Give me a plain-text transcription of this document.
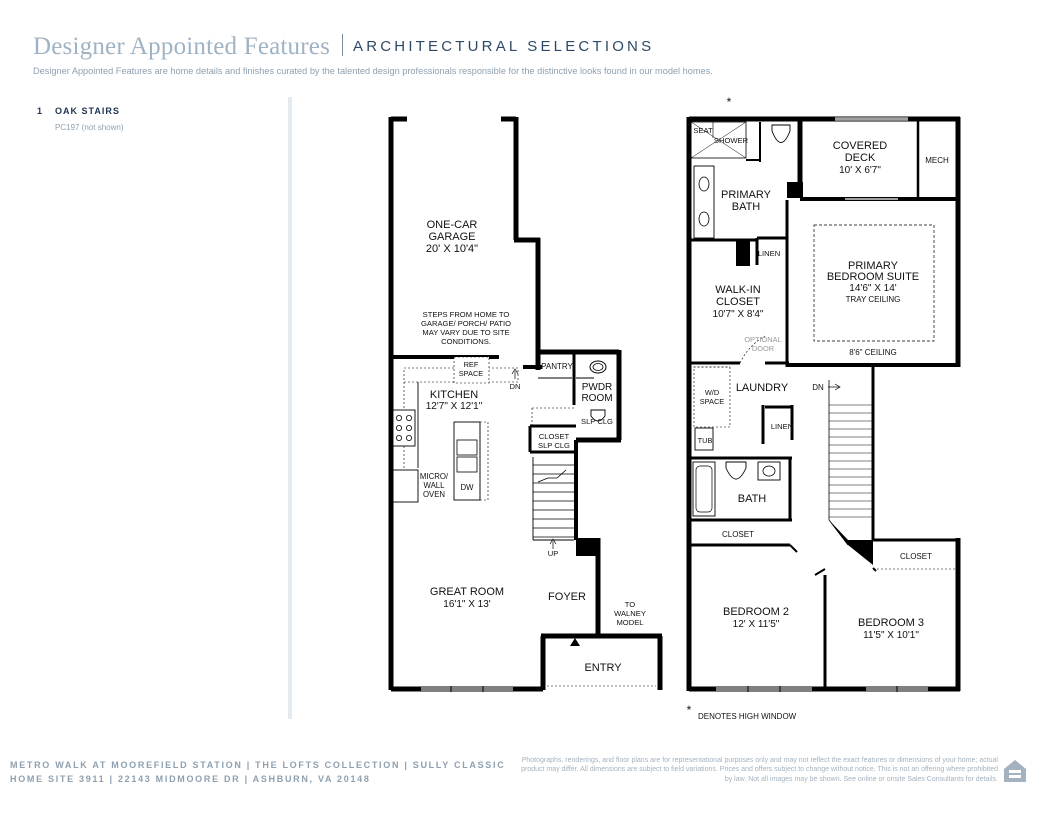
Designer Appointed Features ARCHITECTURAL SELECTIONS
Designer Appointed Features are home details and finishes curated by the talented design professionals responsible for the distinctive looks found in our model homes.
1 OAK STAIRS
PC197 (not shown)
ONE-CAR
GARAGE
20' X 10'4"
STEPS FROM HOME TO
GARAGE/ PORCH/ PATIO
MAY VARY DUE TO SITE
CONDITIONS.
REF
SPACE
DN
PANTRY
PWDR
ROOM
SLP CLG
KITCHEN
12'7" X 12'1"
CLOSET
SLP CLG
MICRO/
WALL
OVEN
DW
UP
GREAT ROOM
16'1" X 13'
FOYER
TO
WALNEY
MODEL
ENTRY
*
SEAT
SHOWER
PRIMARY
BATH
COVERED
DECK
10' X 6'7"
MECH
LINEN
PRIMARY
BEDROOM SUITE
14'6" X 14'
TRAY CEILING
WALK-IN
CLOSET
10'7" X 8'4"
OPTIONAL
DOOR	8'6" CEILING
LAUNDRY	DN
W/D
SPACE
LINEN
TUB
BATH
CLOSET
CLOSET
BEDROOM 2
12' X 11'5"	BEDROOM 3
11'5" X 10'1"
* DENOTES HIGH WINDOW
METRO WALK AT MOOREFIELD STATION | THE LOFTS COLLECTION | SULLY CLASSIC
HOME SITE 3911 | 22143 MIDMOORE DR | ASHBURN, VA 20148
Photographs, renderings, and floor plans are for representational purposes only and may not reflect the exact features or dimensions of your home; actual product may differ. All dimensions are subject to field variations. Prices and offers subject to change without notice. This is not an offering where prohibited by law. Not all images may be shown. See online or onsite Sales Consultants for details.
